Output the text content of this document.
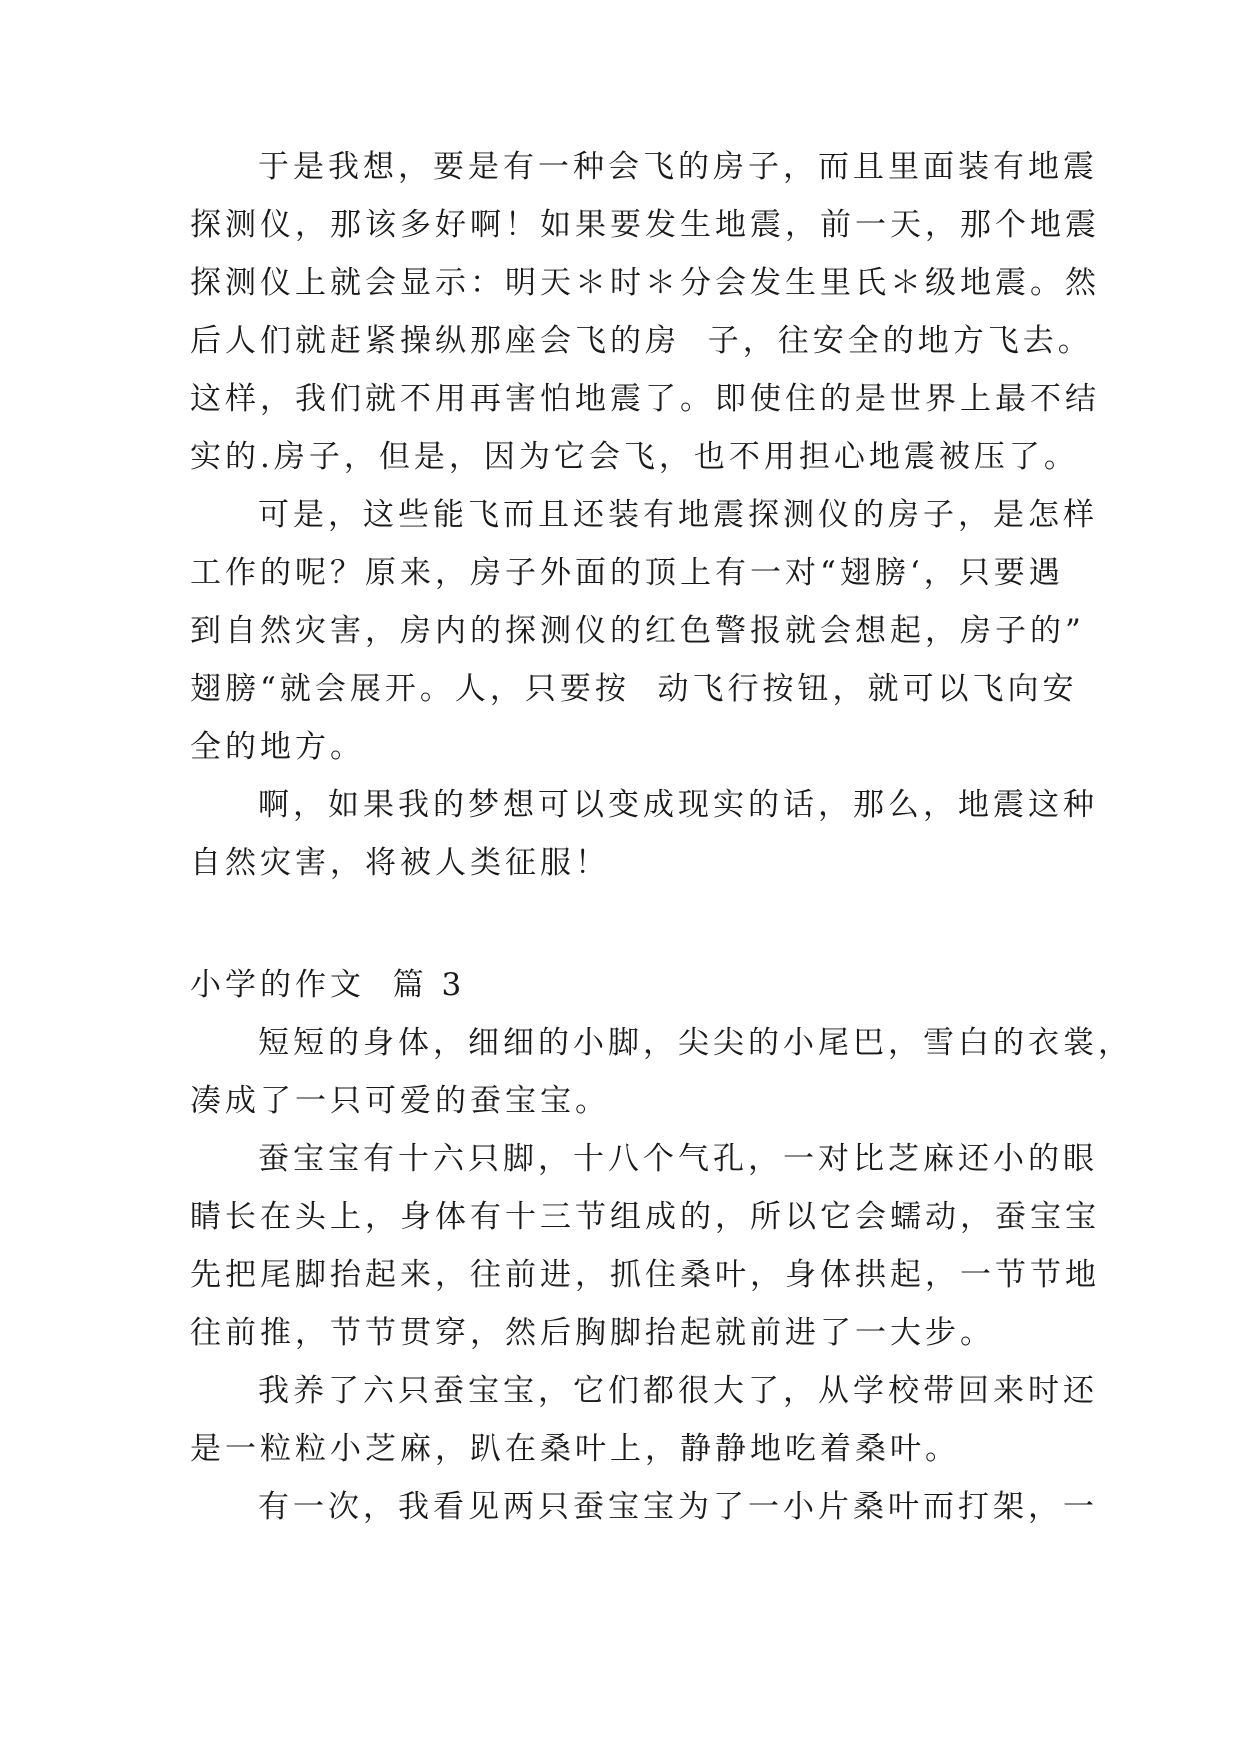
于是我想，要是有一种会飞的房子，而且里面装有地震
探测仪，那该多好啊！如果要发生地震，前一天，那个地震
探测仪上就会显示：明天＊时＊分会发生里氏＊级地震。然
后人们就赶紧操纵那座会飞的房  子，往安全的地方飞去。
这样，我们就不用再害怕地震了。即使住的是世界上最不结
实的.房子，但是，因为它会飞，也不用担心地震被压了。
可是，这些能飞而且还装有地震探测仪的房子，是怎样
工作的呢？原来，房子外面的顶上有一对“翅膀‘，只要遇
到自然灾害，房内的探测仪的红色警报就会想起，房子的”
翅膀“就会展开。人，只要按  动飞行按钮，就可以飞向安
全的地方。
啊，如果我的梦想可以变成现实的话，那么，地震这种
自然灾害，将被人类征服！
小学的作文  篇 3
短短的身体，细细的小脚，尖尖的小尾巴，雪白的衣裳，
凑成了一只可爱的蚕宝宝。
蚕宝宝有十六只脚，十八个气孔，一对比芝麻还小的眼
睛长在头上，身体有十三节组成的，所以它会蠕动，蚕宝宝
先把尾脚抬起来，往前进，抓住桑叶，身体拱起，一节节地
往前推，节节贯穿，然后胸脚抬起就前进了一大步。
我养了六只蚕宝宝，它们都很大了，从学校带回来时还
是一粒粒小芝麻，趴在桑叶上，静静地吃着桑叶。
有一次，我看见两只蚕宝宝为了一小片桑叶而打架，一
